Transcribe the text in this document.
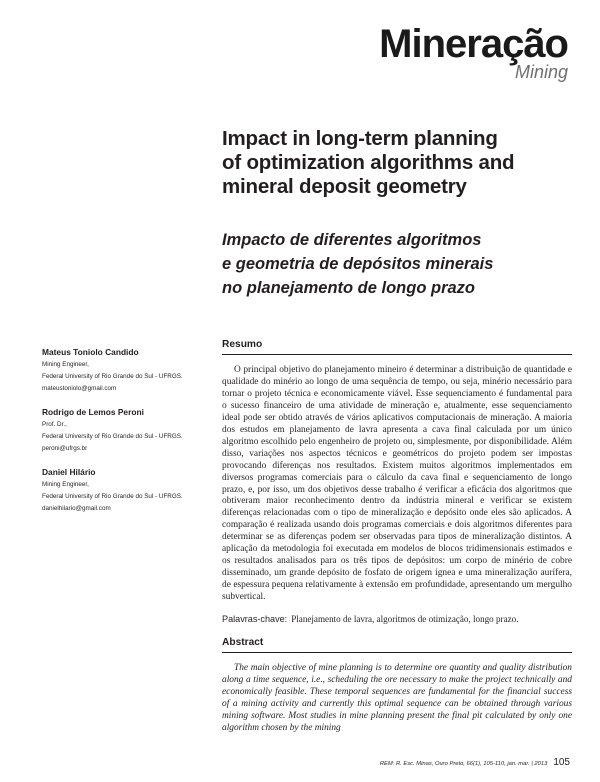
Mineração
Mining
Impact in long-term planning
of optimization algorithms and
mineral deposit geometry
Impacto de diferentes algoritmos
e geometria de depósitos minerais
no planejamento de longo prazo
Mateus Toniolo Candido
Mining Engineer,
Federal University of Rio Grande do Sul - UFRGS.
mateustoniolo@gmail.com
Rodrigo de Lemos Peroni
Prof. Dr.,
Federal University of Rio Grande do Sul - UFRGS.
peroni@ufrgs.br
Daniel Hilário
Mining Engineer,
Federal University of Rio Grande do Sul - UFRGS.
danielhilario@gmail.com
Resumo

O principal objetivo do planejamento mineiro é determinar a distribuição de quantidade e qualidade do minério ao longo de uma sequência de tempo, ou seja, minério necessário para tornar o projeto técnica e economicamente viável. Esse sequenciamento é fundamental para o sucesso financeiro de uma atividade de mineração e, atualmente, esse sequenciamento ideal pode ser obtido através de vários aplicativos computacionais de mineração. A maioria dos estudos em planejamento de lavra apresenta a cava final calculada por um único algoritmo escolhido pelo engenheiro de projeto ou, simplesmente, por disponibilidade. Além disso, variações nos aspectos técnicos e geométricos do projeto podem ser impostas provocando diferenças nos resultados. Existem muitos algoritmos implementados em diversos programas comerciais para o cálculo da cava final e sequenciamento de longo prazo, e, por isso, um dos objetivos desse trabalho é verificar a eficácia dos algoritmos que obtiveram maior reconhecimento dentro da indústria mineral e verificar se existem diferenças relacionadas com o tipo de mineralização e depósito onde eles são aplicados. A comparação é realizada usando dois programas comerciais e dois algoritmos diferentes para determinar se as diferenças podem ser observadas para tipos de mineralização distintos. A aplicação da metodologia foi executada em modelos de blocos tridimensionais estimados e os resultados analisados para os três tipos de depósitos: um corpo de minério de cobre disseminado, um grande depósito de fosfato de origem ígnea e uma mineralização aurífera, de espessura pequena relativamente à extensão em profundidade, apresentando um mergulho subvertical.

Palavras-chave: Planejamento de lavra, algoritmos de otimização, longo prazo.
Abstract

The main objective of mine planning is to determine ore quantity and quality distribution along a time sequence, i.e., scheduling the ore necessary to make the project technically and economically feasible. These temporal sequences are fundamental for the financial success of a mining activity and currently this optimal sequence can be obtained through various mining software. Most studies in mine planning present the final pit calculated by only one algorithm chosen by the mining

REM: R. Esc. Minas, Ouro Preto, 66(1), 105-110, jan. mar. | 2013 105
